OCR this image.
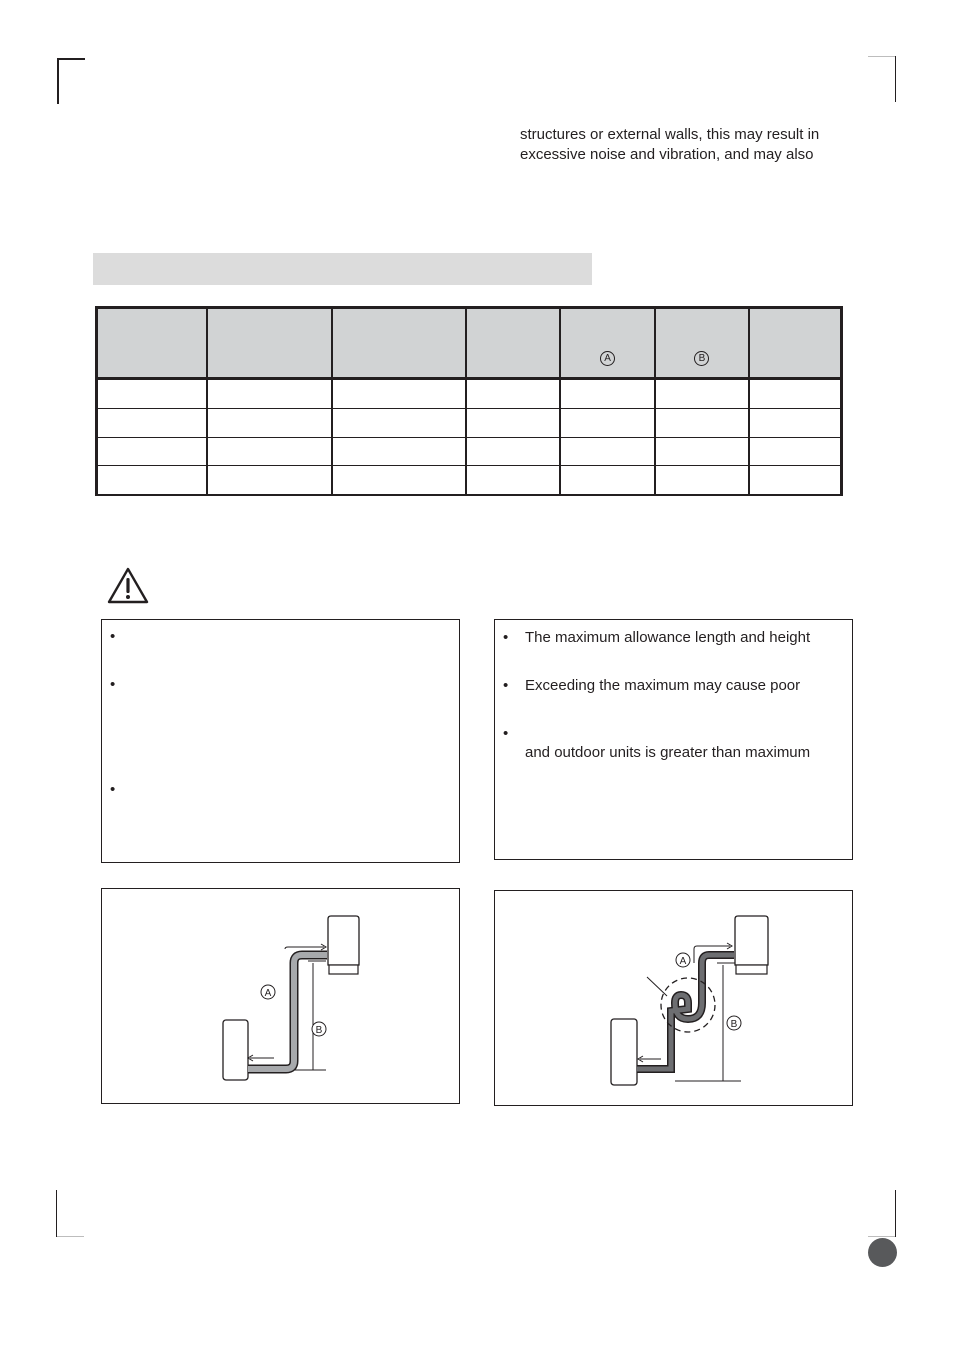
structures or external walls, this may result in

excessive noise and vibration, and may also

				A	B	

•
•
•
• The maximum allowance length and height
• Exceeding the maximum may cause poor
•
and outdoor units is greater than maximum
A
B
A
B
